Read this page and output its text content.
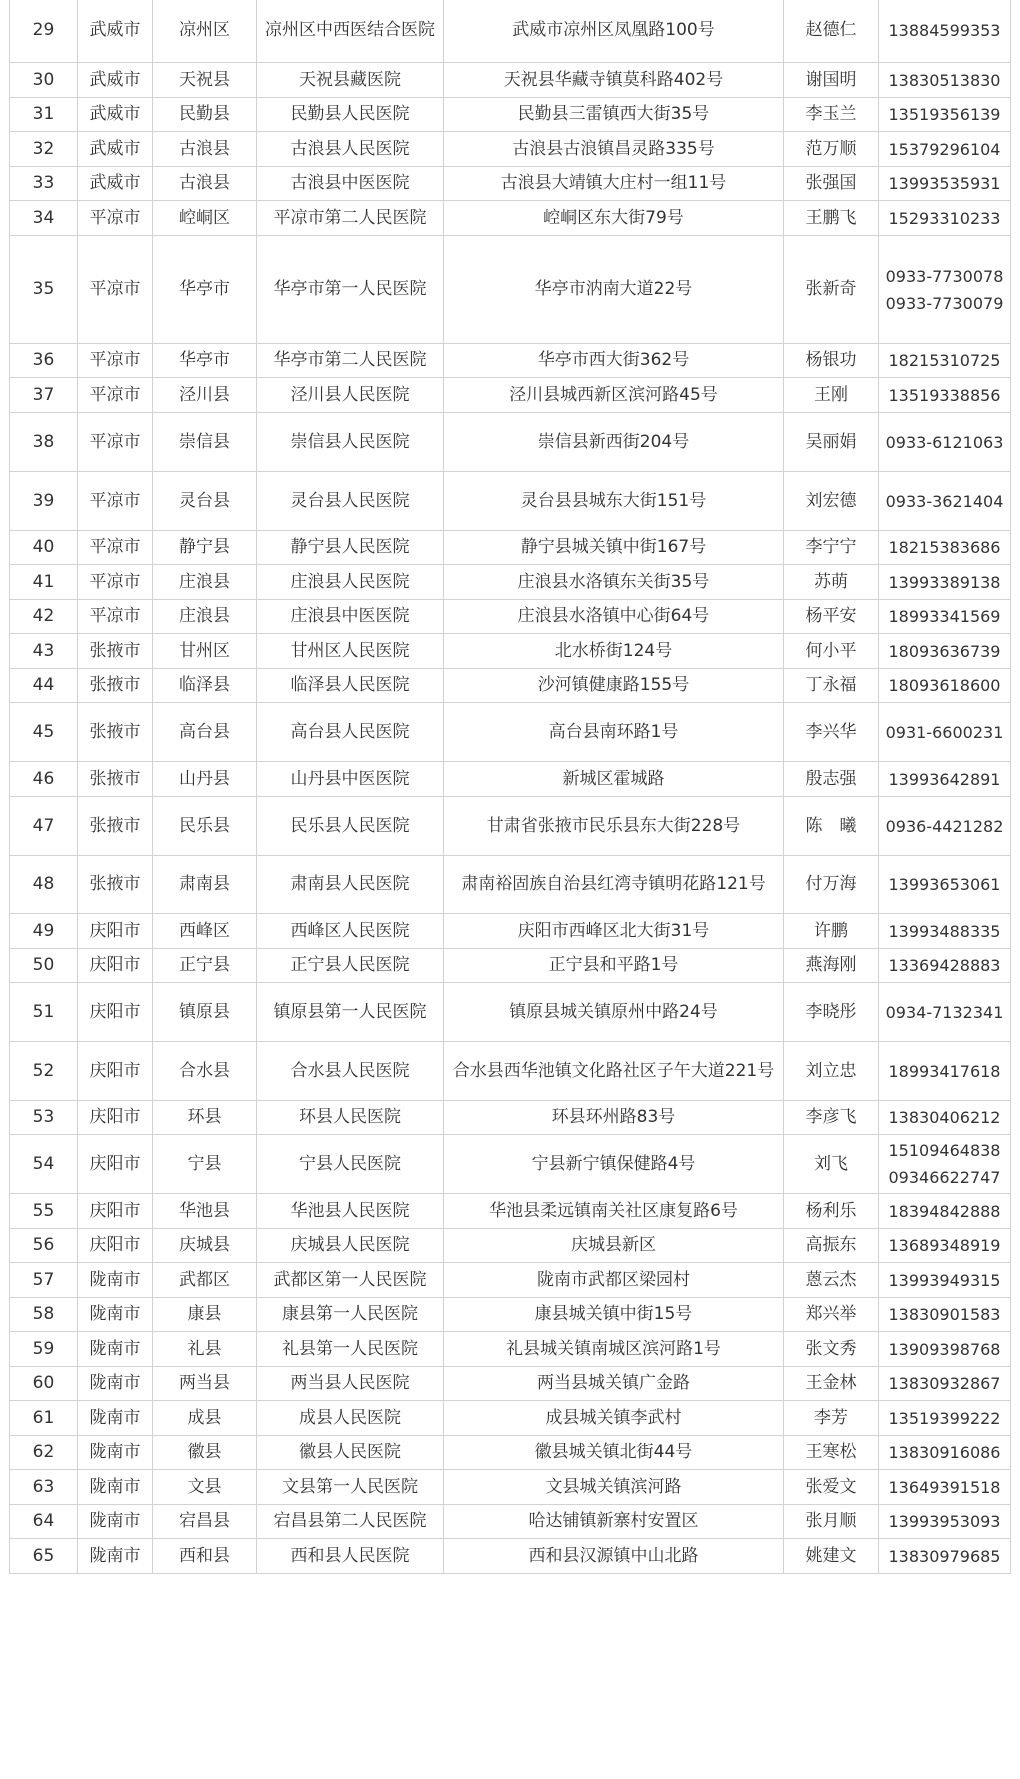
29	武威市	凉州区	凉州区中西医结合医院	武威市凉州区凤凰路100号	赵德仁	13884599353
30	武威市	天祝县	天祝县藏医院	天祝县华藏寺镇莫科路402号	谢国明	13830513830
31	武威市	民勤县	民勤县人民医院	民勤县三雷镇西大街35号	李玉兰	13519356139
32	武威市	古浪县	古浪县人民医院	古浪县古浪镇昌灵路335号	范万顺	15379296104
33	武威市	古浪县	古浪县中医医院	古浪县大靖镇大庄村一组11号	张强国	13993535931
34	平凉市	崆峒区	平凉市第二人民医院	崆峒区东大街79号	王鹏飞	15293310233
35	平凉市	华亭市	华亭市第一人民医院	华亭市汭南大道22号	张新奇	0933-7730078 0933-7730079
36	平凉市	华亭市	华亭市第二人民医院	华亭市西大街362号	杨银功	18215310725
37	平凉市	泾川县	泾川县人民医院	泾川县城西新区滨河路45号	王刚	13519338856
38	平凉市	崇信县	崇信县人民医院	崇信县新西街204号	吴丽娟	0933-6121063
39	平凉市	灵台县	灵台县人民医院	灵台县县城东大街151号	刘宏德	0933-3621404
40	平凉市	静宁县	静宁县人民医院	静宁县城关镇中街167号	李宁宁	18215383686
41	平凉市	庄浪县	庄浪县人民医院	庄浪县水洛镇东关街35号	苏萌	13993389138
42	平凉市	庄浪县	庄浪县中医医院	庄浪县水洛镇中心街64号	杨平安	18993341569
43	张掖市	甘州区	甘州区人民医院	北水桥街124号	何小平	18093636739
44	张掖市	临泽县	临泽县人民医院	沙河镇健康路155号	丁永福	18093618600
45	张掖市	高台县	高台县人民医院	高台县南环路1号	李兴华	0931-6600231
46	张掖市	山丹县	山丹县中医医院	新城区霍城路	殷志强	13993642891
47	张掖市	民乐县	民乐县人民医院	甘肃省张掖市民乐县东大街228号	陈　曦	0936-4421282
48	张掖市	肃南县	肃南县人民医院	肃南裕固族自治县红湾寺镇明花路121号	付万海	13993653061
49	庆阳市	西峰区	西峰区人民医院	庆阳市西峰区北大街31号	许鹏	13993488335
50	庆阳市	正宁县	正宁县人民医院	正宁县和平路1号	燕海刚	13369428883
51	庆阳市	镇原县	镇原县第一人民医院	镇原县城关镇原州中路24号	李晓彤	0934-7132341
52	庆阳市	合水县	合水县人民医院	合水县西华池镇文化路社区子午大道221号	刘立忠	18993417618
53	庆阳市	环县	环县人民医院	环县环州路83号	李彦飞	13830406212
54	庆阳市	宁县	宁县人民医院	宁县新宁镇保健路4号	刘飞	15109464838 09346622747
55	庆阳市	华池县	华池县人民医院	华池县柔远镇南关社区康复路6号	杨利乐	18394842888
56	庆阳市	庆城县	庆城县人民医院	庆城县新区	高振东	13689348919
57	陇南市	武都区	武都区第一人民医院	陇南市武都区梁园村	蒽云杰	13993949315
58	陇南市	康县	康县第一人民医院	康县城关镇中街15号	郑兴举	13830901583
59	陇南市	礼县	礼县第一人民医院	礼县城关镇南城区滨河路1号	张文秀	13909398768
60	陇南市	两当县	两当县人民医院	两当县城关镇广金路	王金林	13830932867
61	陇南市	成县	成县人民医院	成县城关镇李武村	李芳	13519399222
62	陇南市	徽县	徽县人民医院	徽县城关镇北街44号	王寒松	13830916086
63	陇南市	文县	文县第一人民医院	文县城关镇滨河路	张爱文	13649391518
64	陇南市	宕昌县	宕昌县第二人民医院	哈达铺镇新寨村安置区	张月顺	13993953093
65	陇南市	西和县	西和县人民医院	西和县汉源镇中山北路	姚建文	13830979685
